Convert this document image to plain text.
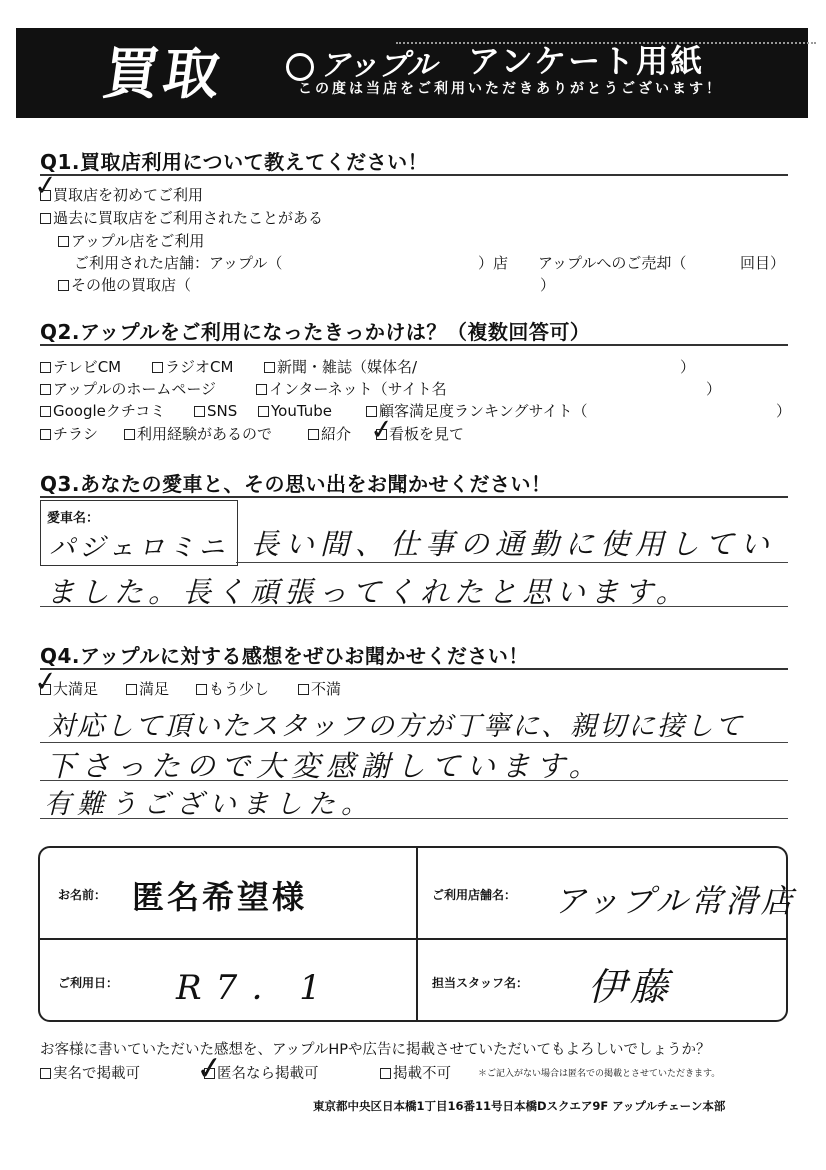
買取	アップル アンケート用紙
この度は当店をご利用いただきありがとうございます！
Q1.買取店利用について教えてください！
✓
買取店を初めてご利用
過去に買取店をご利用されたことがある
アップル店をご利用
ご利用された店舗：アップル（	）店 アップルへのご売却（	回目）
その他の買取店（	）
Q2.アップルをご利用になったきっかけは？（複数回答可）
テレビCM	ラジオCM	新聞・雑誌（媒体名/	）
アップルのホームページ	インターネット（サイト名	）
Googleクチコミ	SNS	YouTube	顧客満足度ランキングサイト（	）
チラシ	利用経験があるので	紹介 ✓
看板を見て
Q3.あなたの愛車と、その思い出をお聞かせください！
愛車名：
パジェロミニ 長い間、仕事の通勤に使用してい
ました。長く頑張ってくれたと思います。
Q4.アップルに対する感想をぜひお聞かせください！
✓
大満足	満足	もう少し	不満
対応して頂いたスタッフの方が丁寧に、親切に接して
下さったので大変感謝しています。
有難うございました。
お名前： 匿名希望様	ご利用店舗名： アップル常滑店
ご利用日： R7．1	担当スタッフ名： 伊藤
お客様に書いていただいた感想を、アップルHPや広告に掲載させていただいてもよろしいでしょうか？
実名で掲載可 ✓
匿名なら掲載可	掲載不可	＊ご記入がない場合は匿名での掲載とさせていただきます。
東京都中央区日本橋1丁目16番11号日本橋Dスクエア9F アップルチェーン本部
